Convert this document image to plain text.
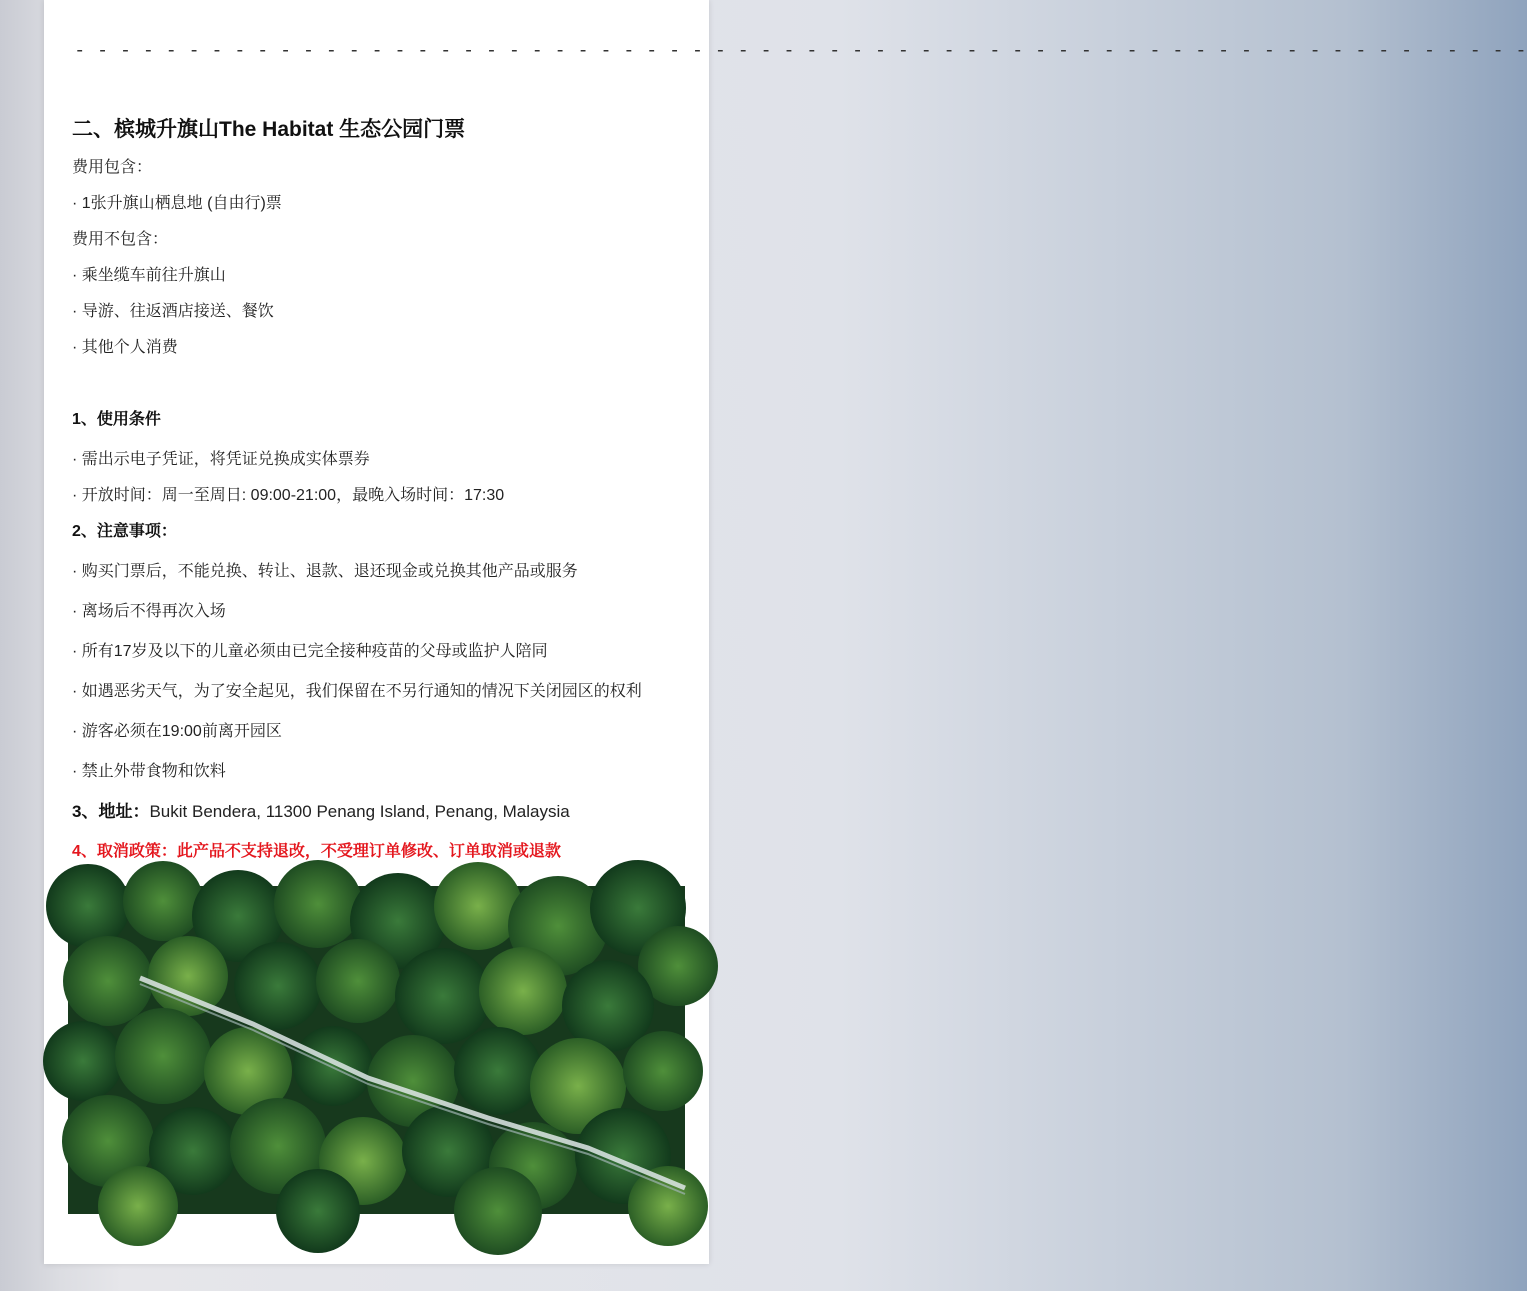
- - - - - - - - - - - - - - - - - - - - - - - - - - - - - - - - - - - - - - - - - - - - - - - - - - - - - - - - - - - - - - - -
二、槟城升旗山The Habitat 生态公园门票
费用包含：
· 1张升旗山栖息地 (自由行)票
费用不包含：
· 乘坐缆车前往升旗山
· 导游、往返酒店接送、餐饮
· 其他个人消费
1、使用条件
· 需出示电子凭证，将凭证兑换成实体票券
· 开放时间：周一至周日: 09:00-21:00，最晚入场时间：17:30
2、注意事项：
· 购买门票后，不能兑换、转让、退款、退还现金或兑换其他产品或服务
· 离场后不得再次入场
· 所有17岁及以下的儿童必须由已完全接种疫苗的父母或监护人陪同
· 如遇恶劣天气，为了安全起见，我们保留在不另行通知的情况下关闭园区的权利
· 游客必须在19:00前离开园区
· 禁止外带食物和饮料
3、地址：Bukit Bendera, 11300 Penang Island, Penang, Malaysia
4、取消政策：此产品不支持退改，不受理订单修改、订单取消或退款
